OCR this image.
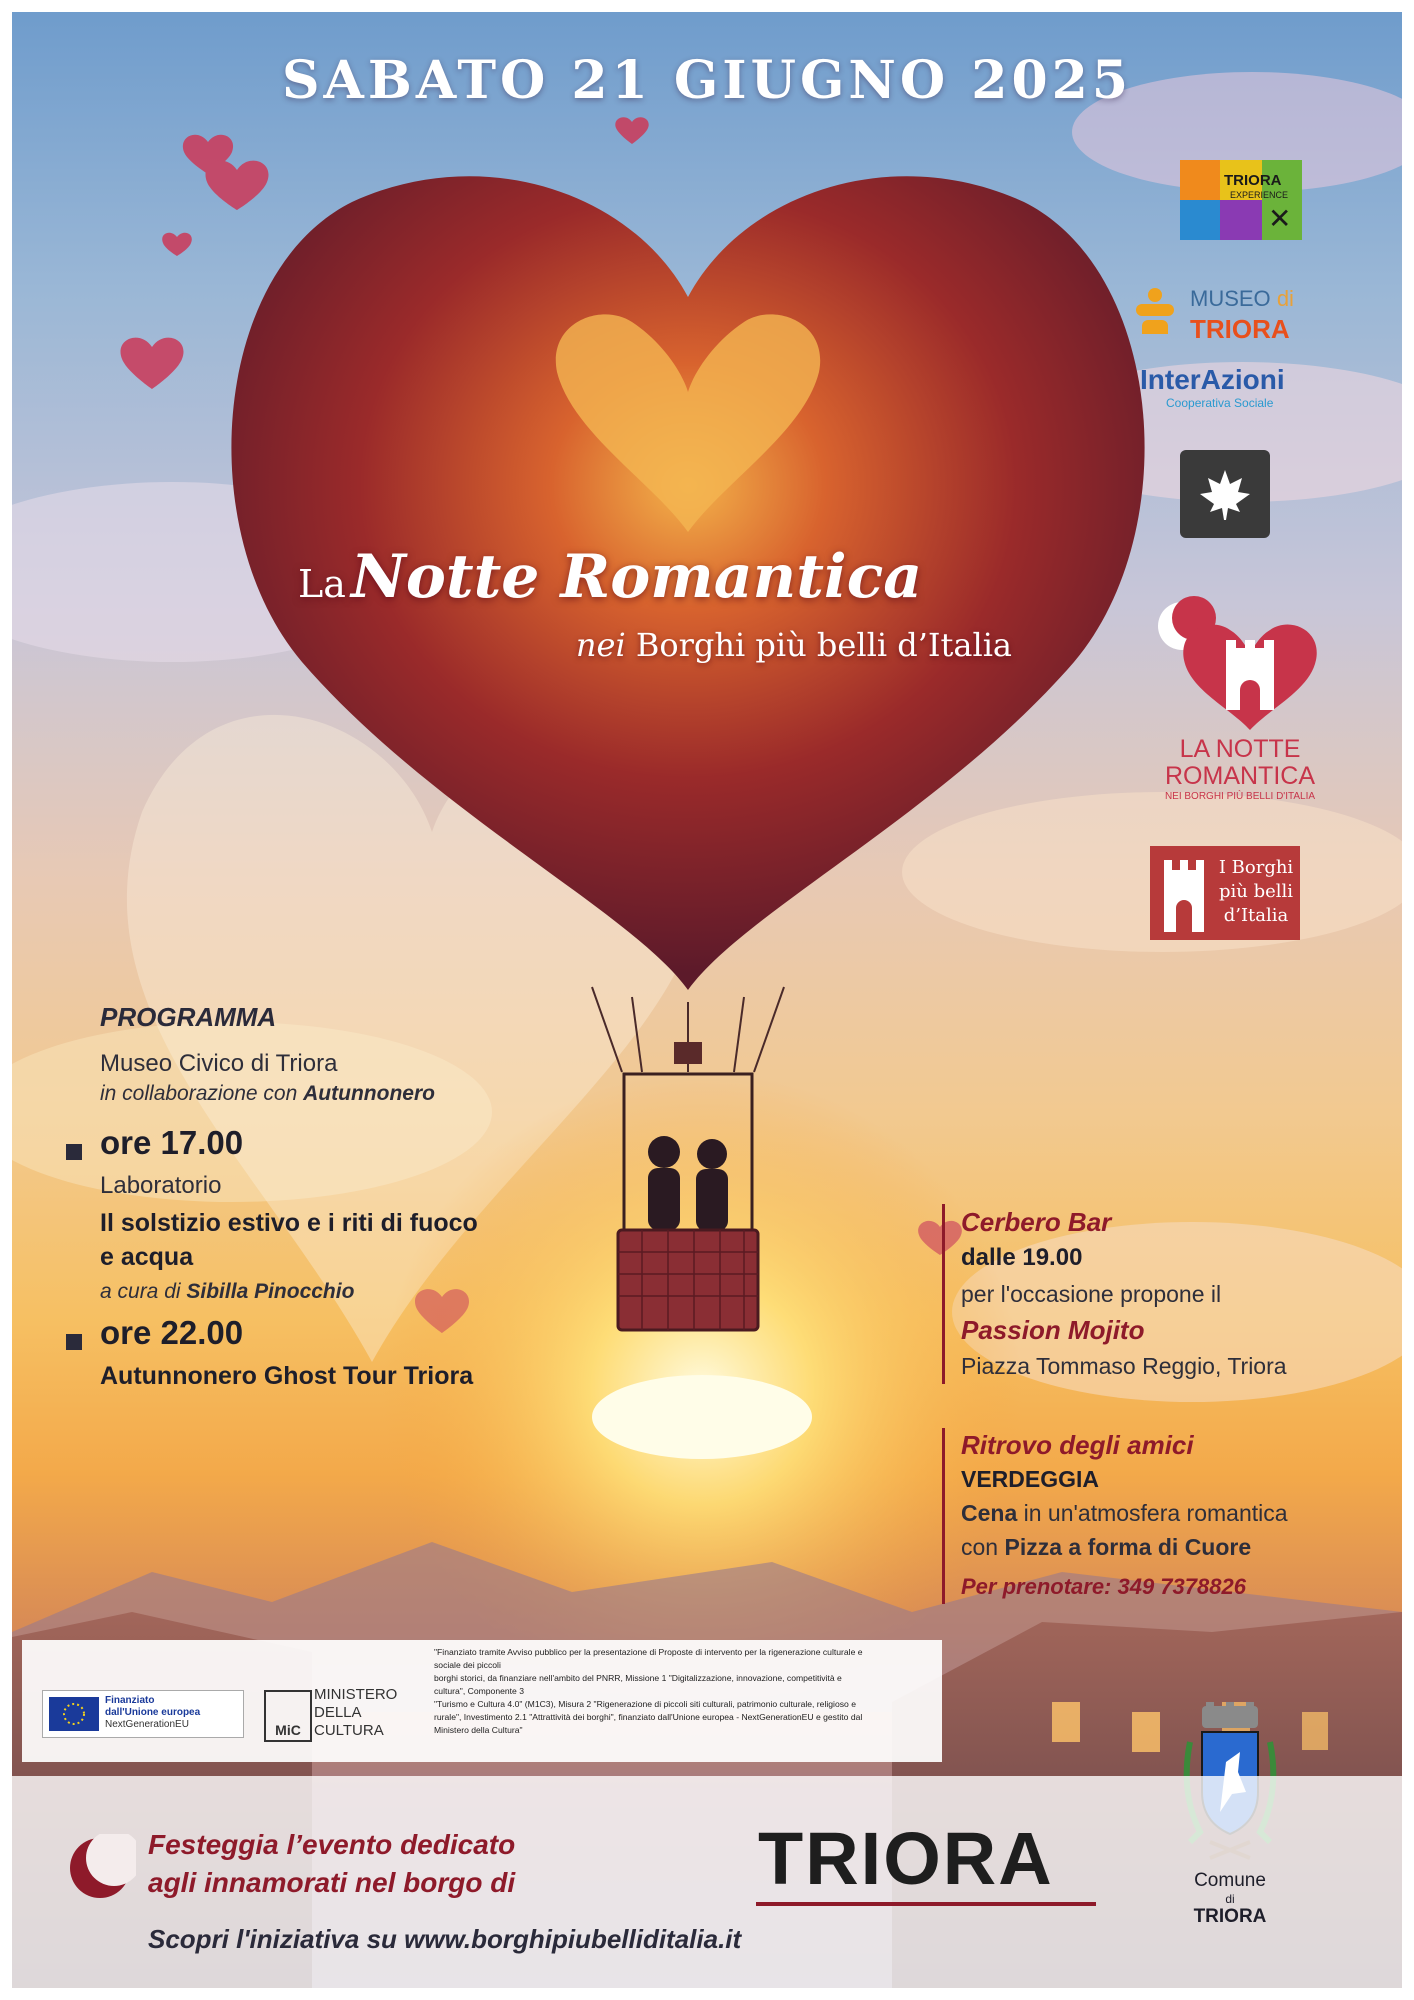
SABATO 21 GIUGNO 2025
La Notte Romantica
nei Borghi più belli d’Italia
TRIORA
EXPERIENCE
✕
MUSEO di
TRIORA
InterAzioni
Cooperativa Sociale
LA NOTTE
ROMANTICA
NEI BORGHI PIÙ BELLI D'ITALIA
I Borghi
più belli
d’Italia
PROGRAMMA
Museo Civico di Triora
in collaborazione con Autunnonero
ore 17.00
Laboratorio
Il solstizio estivo e i riti di fuoco
e acqua
a cura di Sibilla Pinocchio
ore 22.00
Autunnonero Ghost Tour Triora
Cerbero Bar
dalle 19.00
per l'occasione propone il
Passion Mojito
Piazza Tommaso Reggio, Triora
Ritrovo degli amici
VERDEGGIA
Cena in un'atmosfera romantica
con Pizza a forma di Cuore
Per prenotare: 349 7378826
Finanziato
dall'Unione europea
NextGenerationEU	MiC
MINISTERO
DELLA
CULTURA
"Finanziato tramite Avviso pubblico per la presentazione di Proposte di intervento per la rigenerazione culturale e
sociale dei piccoli
borghi storici, da finanziare nell'ambito del PNRR, Missione 1 "Digitalizzazione, innovazione, competitività e
cultura", Componente 3
"Turismo e Cultura 4.0" (M1C3), Misura 2 "Rigenerazione di piccoli siti culturali, patrimonio culturale, religioso e
rurale", Investimento 2.1 "Attrattività dei borghi", finanziato dall'Unione europea - NextGenerationEU e gestito dal
Ministero della Cultura"
Festeggia l’evento dedicato
agli innamorati nel borgo di	TRIORA	Comune
di
TRIORA
Scopri l'iniziativa su www.borghipiubelliditalia.it
